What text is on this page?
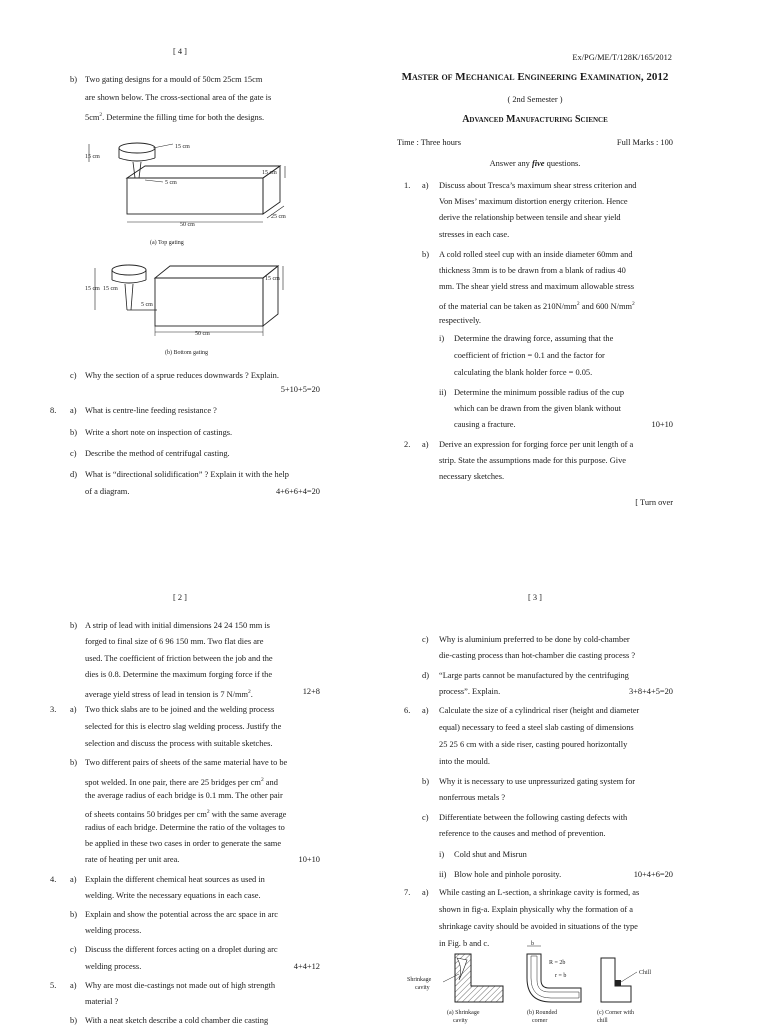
[ 4 ]
b) Two gating designs for a mould of 50cm 25cm 15cm
are shown below. The cross-sectional area of the gate is
$5cm^2$. Determine the filling time for both the designs.
15 cm
15 cm
15 cm
5 cm
50 cm
25 cm
(a) Top gating
15 cm
15 cm 15 cm
5 cm
50 cm
(b) Bottom gating
c) Why the section of a sprue reduces downwards ? Explain.
5+10+5=20
8. a) What is centre-line feeding resistance ?
b) Write a short note on inspection of castings.
c) Describe the method of centrifugal casting.
d) What is “directional solidification” ? Explain it with the help
of a diagram.	4+6+6+4=20
Ex/PG/ME/T/128K/165/2012
Master of Mechanical Engineering Examination, 2012
( 2nd Semester )
Advanced Manufacturing Science
Time : Three hours	Full Marks : 100
Answer any five questions.
1. a) Discuss about Tresca’s maximum shear stress criterion and
Von Mises’ maximum distortion energy criterion. Hence
derive the relationship between tensile and shear yield
stresses in each case.
b) A cold rolled steel cup with an inside diameter 60mm and
thickness 3mm is to be drawn from a blank of radius 40
mm. The shear yield stress and maximum allowable stress
of the material can be taken as $210N/mm^2$ and 600 $N/mm^2$
respectively.
i) Determine the drawing force, assuming that the
coefficient of friction = 0.1 and the factor for
calculating the blank holder force = 0.05.
ii) Determine the minimum possible radius of the cup
which can be drawn from the given blank without
causing a fracture.	10+10
2. a) Derive an expression for forging force per unit length of a
strip. State the assumptions made for this purpose. Give
necessary sketches.
[ Turn over
[ 2 ]
b) A strip of lead with initial dimensions 24 24 150 mm is
forged to final size of 6 96 150 mm. Two flat dies are
used. The coefficient of friction between the job and the
dies is 0.8. Determine the maximum forging force if the
average yield stress of lead in tension is 7 $N/mm^2$.	12+8
3. a) Two thick slabs are to be joined and the welding process
selected for this is electro slag welding process. Justify the
selection and discuss the process with suitable sketches.
b) Two different pairs of sheets of the same material have to be
spot welded. In one pair, there are 25 bridges per $cm^2$ and
the average radius of each bridge is 0.1 mm. The other pair
of sheets contains 50 bridges per $cm^2$ with the same average
radius of each bridge. Determine the ratio of the voltages to
be applied in these two cases in order to generate the same
rate of heating per unit area.	10+10
4. a) Explain the different chemical heat sources as used in
welding. Write the necessary equations in each case.
b) Explain and show the potential across the arc space in arc
welding process.
c) Discuss the different forces acting on a droplet during arc
welding process.	4+4+12
5. a) Why are most die-castings not made out of high strength
material ?
b) With a neat sketch describe a cold chamber die casting
[ 3 ]
c) Why is aluminium preferred to be done by cold-chamber
die-casting process than hot-chamber die casting process ?
d) “Large parts cannot be manufactured by the centrifuging
process”. Explain.	3+8+4+5=20
6. a) Calculate the size of a cylindrical riser (height and diameter
equal) necessary to feed a steel slab casting of dimensions
25 25 6 cm with a side riser, casting poured horizontally
into the mould.
b) Why it is necessary to use unpressurized gating system for
nonferrous metals ?
c) Differentiate between the following casting defects with
reference to the causes and method of prevention.
i) Cold shut and Misrun
ii) Blow hole and pinhole porosity.	10+4+6=20
7. a) While casting an L-section, a shrinkage cavity is formed, as
shown in fig-a. Explain physically why the formation of a
shrinkage cavity should be avoided in situations of the type
in Fig. b and c.
Shrinkage
cavity
(a) Shrinkage
cavity
b
R = 2b
r = b
(b) Rounded
corner
Chill
(c) Corner with
chill
